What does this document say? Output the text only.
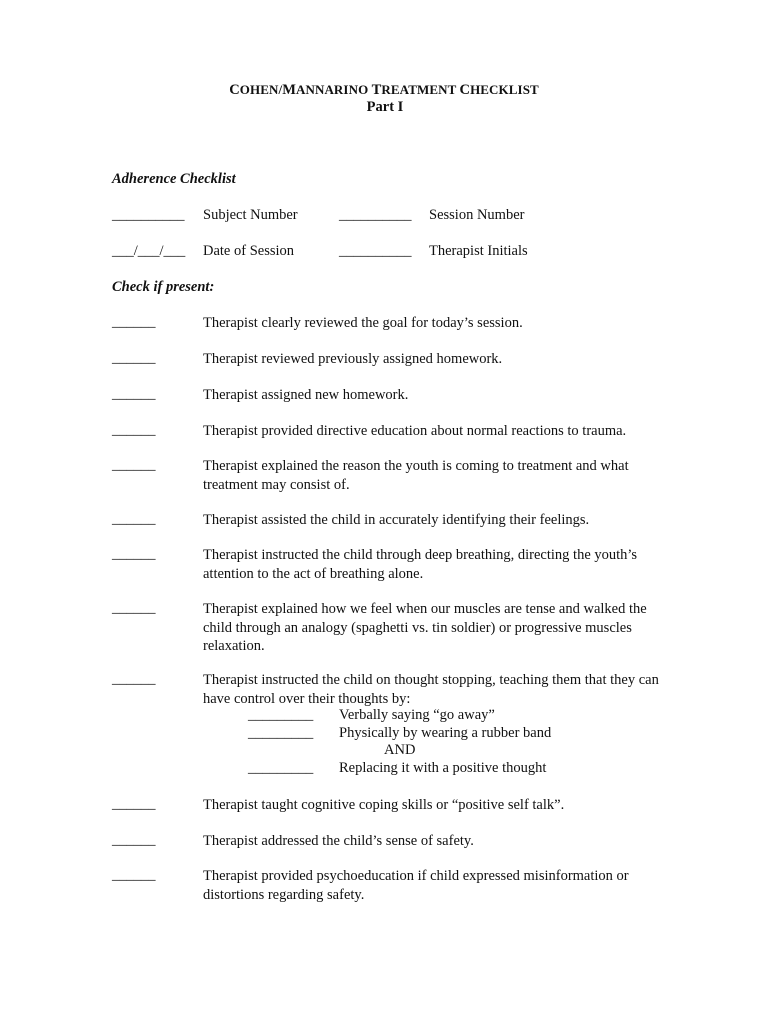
COHEN/MANNARINO TREATMENT CHECKLIST
Part I
Adherence Checklist
__________ Subject Number	__________ Session Number
___/___/___ Date of Session	__________ Therapist Initials
Check if present:
______	Therapist clearly reviewed the goal for today’s session.
______	Therapist reviewed previously assigned homework.
______	Therapist assigned new homework.
______	Therapist provided directive education about normal reactions to trauma.
______	Therapist explained the reason the youth is coming to treatment and what treatment may consist of.
______	Therapist assisted the child in accurately identifying their feelings.
______	Therapist instructed the child through deep breathing, directing the youth’s attention to the act of breathing alone.
______	Therapist explained how we feel when our muscles are tense and walked the child through an analogy (spaghetti vs. tin soldier) or progressive muscles relaxation.
______	Therapist instructed the child on thought stopping, teaching them that they can have control over their thoughts by:
_________ Verbally saying “go away”
_________ Physically by wearing a rubber band
AND
_________ Replacing it with a positive thought
______	Therapist taught cognitive coping skills or “positive self talk”.
______	Therapist addressed the child’s sense of safety.
______	Therapist provided psychoeducation if child expressed misinformation or distortions regarding safety.
